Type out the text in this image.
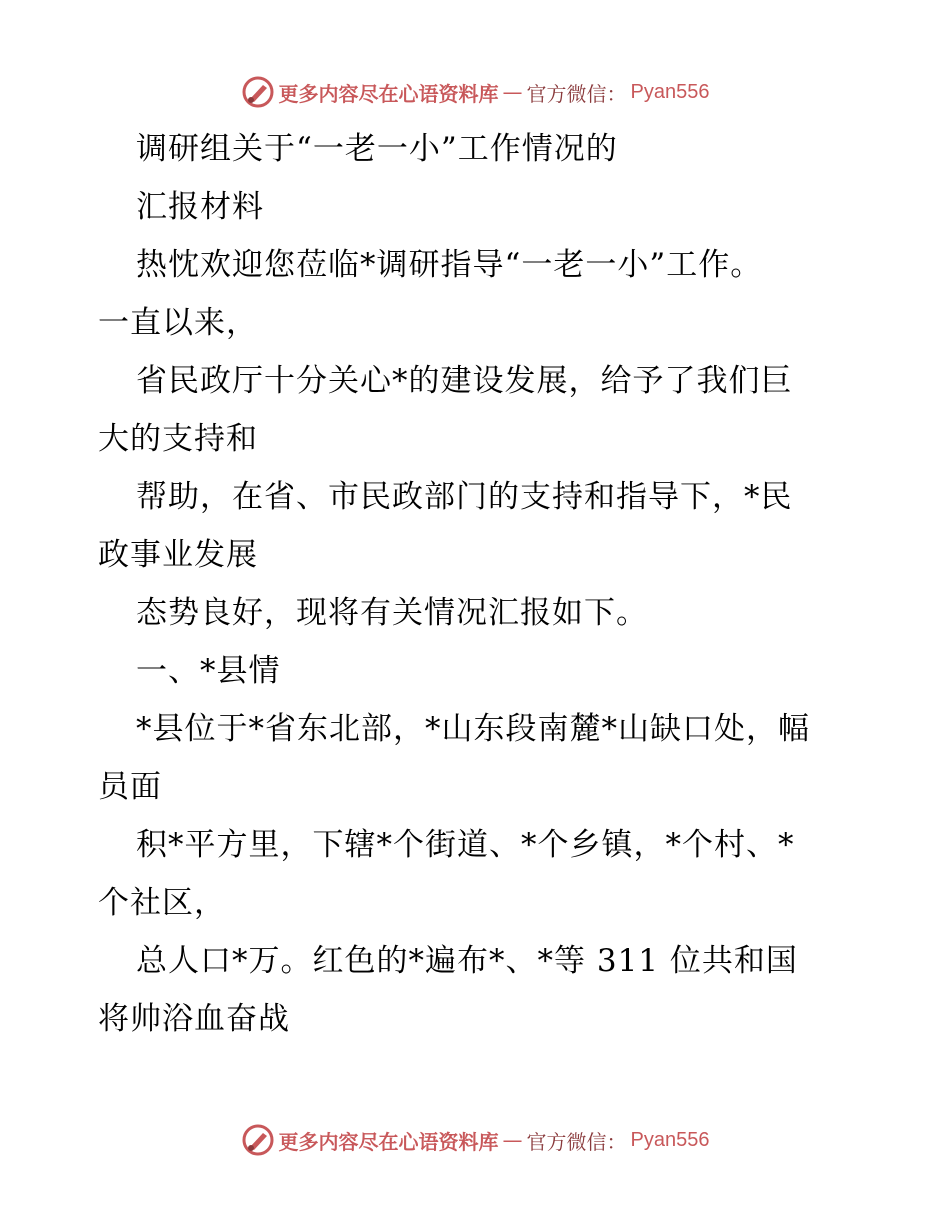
更多内容尽在心语资料库 — 官方微信： Pyan556
调研组关于“一老一小”工作情况的
汇报材料
热忱欢迎您莅临*调研指导“一老一小”工作。
一直以来，
省民政厅十分关心*的建设发展，给予了我们巨
大的支持和
帮助，在省、市民政部门的支持和指导下，*民
政事业发展
态势良好，现将有关情况汇报如下。
一、*县情
*县位于*省东北部，*山东段南麓*山缺口处，幅
员面
积*平方里，下辖*个街道、*个乡镇，*个村、*
个社区，
总人口*万。红色的*遍布*、*等 311 位共和国
将帅浴血奋战
更多内容尽在心语资料库 — 官方微信： Pyan556
